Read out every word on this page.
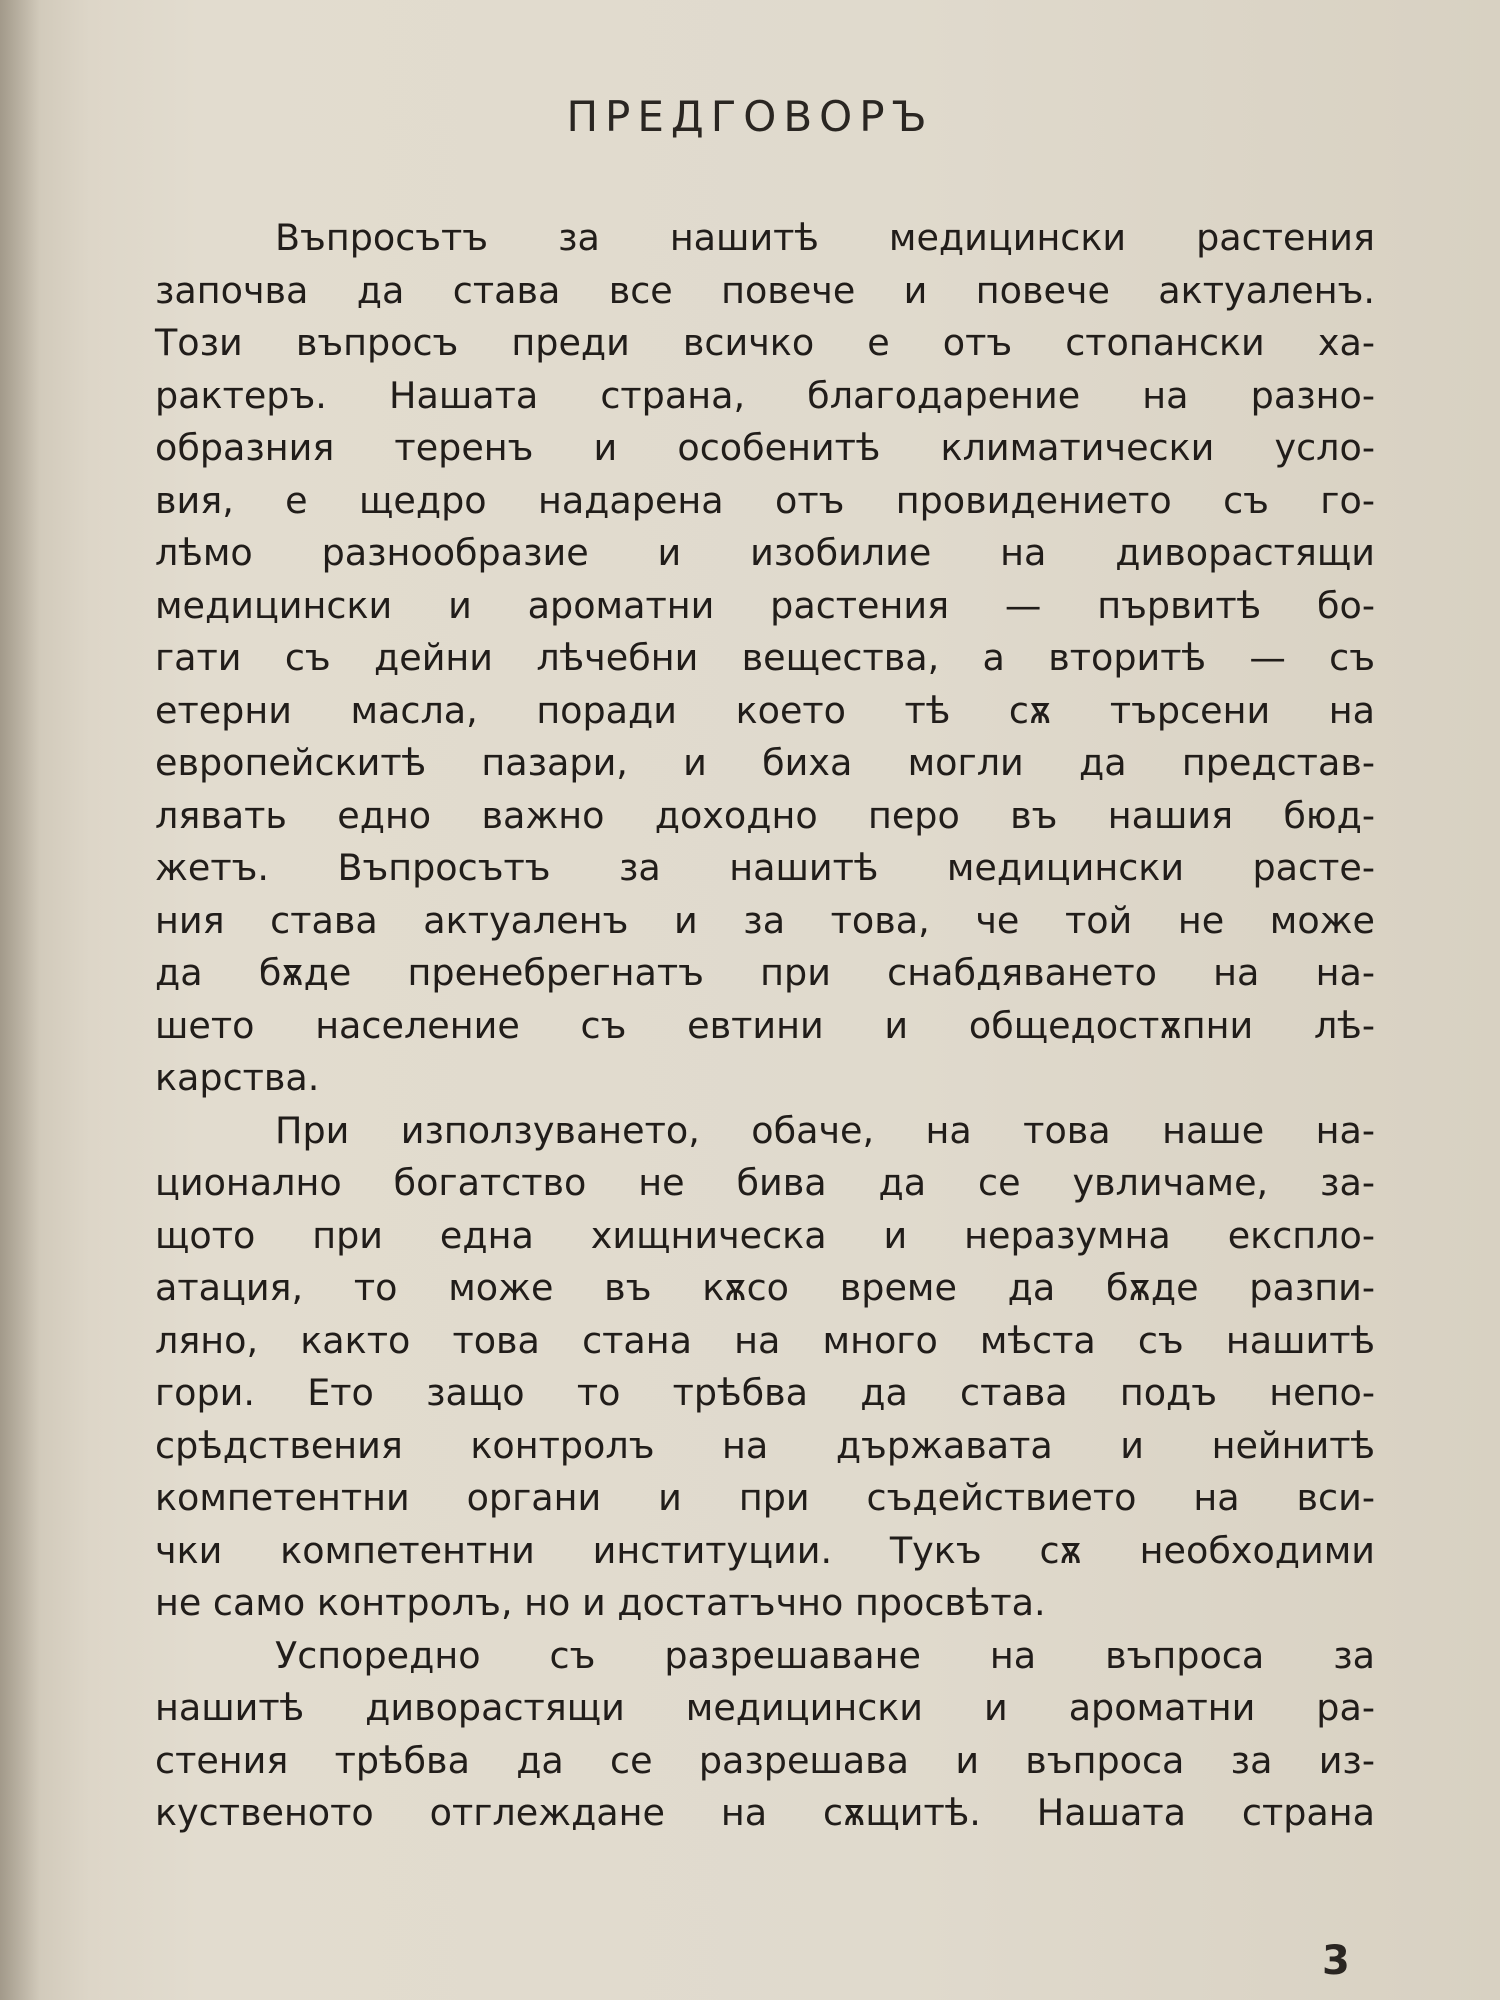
ПРЕДГОВОРЪ
Въпросътъ за нашитѣ медицински растения
започва да става все повече и повече актуаленъ.
Този въпросъ преди всичко е отъ стопански ха-
рактеръ. Нашата страна, благодарение на разно-
образния теренъ и особенитѣ климатически усло-
вия, е щедро надарена отъ провидението съ го-
лѣмо разнообразие и изобилие на диворастящи
медицински и ароматни растения — първитѣ бо-
гати съ дейни лѣчебни вещества, а вторитѣ — съ
етерни масла, поради което тѣ сѫ търсени на
европейскитѣ пазари, и биха могли да представ-
лявать едно важно доходно перо въ нашия бюд-
жетъ. Въпросътъ за нашитѣ медицински расте-
ния става актуаленъ и за това, че той не може
да бѫде пренебрегнатъ при снабдяването на на-
шето население съ евтини и общедостѫпни лѣ-
карства.
При използуването, обаче, на това наше на-
ционално богатство не бива да се увличаме, за-
щото при една хищническа и неразумна експло-
атация, то може въ кѫсо време да бѫде разпи-
ляно, както това стана на много мѣста съ нашитѣ
гори. Ето защо то трѣбва да става подъ непо-
срѣдствения контролъ на държавата и нейнитѣ
компетентни органи и при съдействието на вси-
чки компетентни институции. Тукъ сѫ необходими
не само контролъ, но и достатъчно просвѣта.
Успоредно съ разрешаване на въпроса за
нашитѣ диворастящи медицински и ароматни ра-
стения трѣбва да се разрешава и въпроса за из-
куственото отглеждане на сѫщитѣ. Нашата страна
3
